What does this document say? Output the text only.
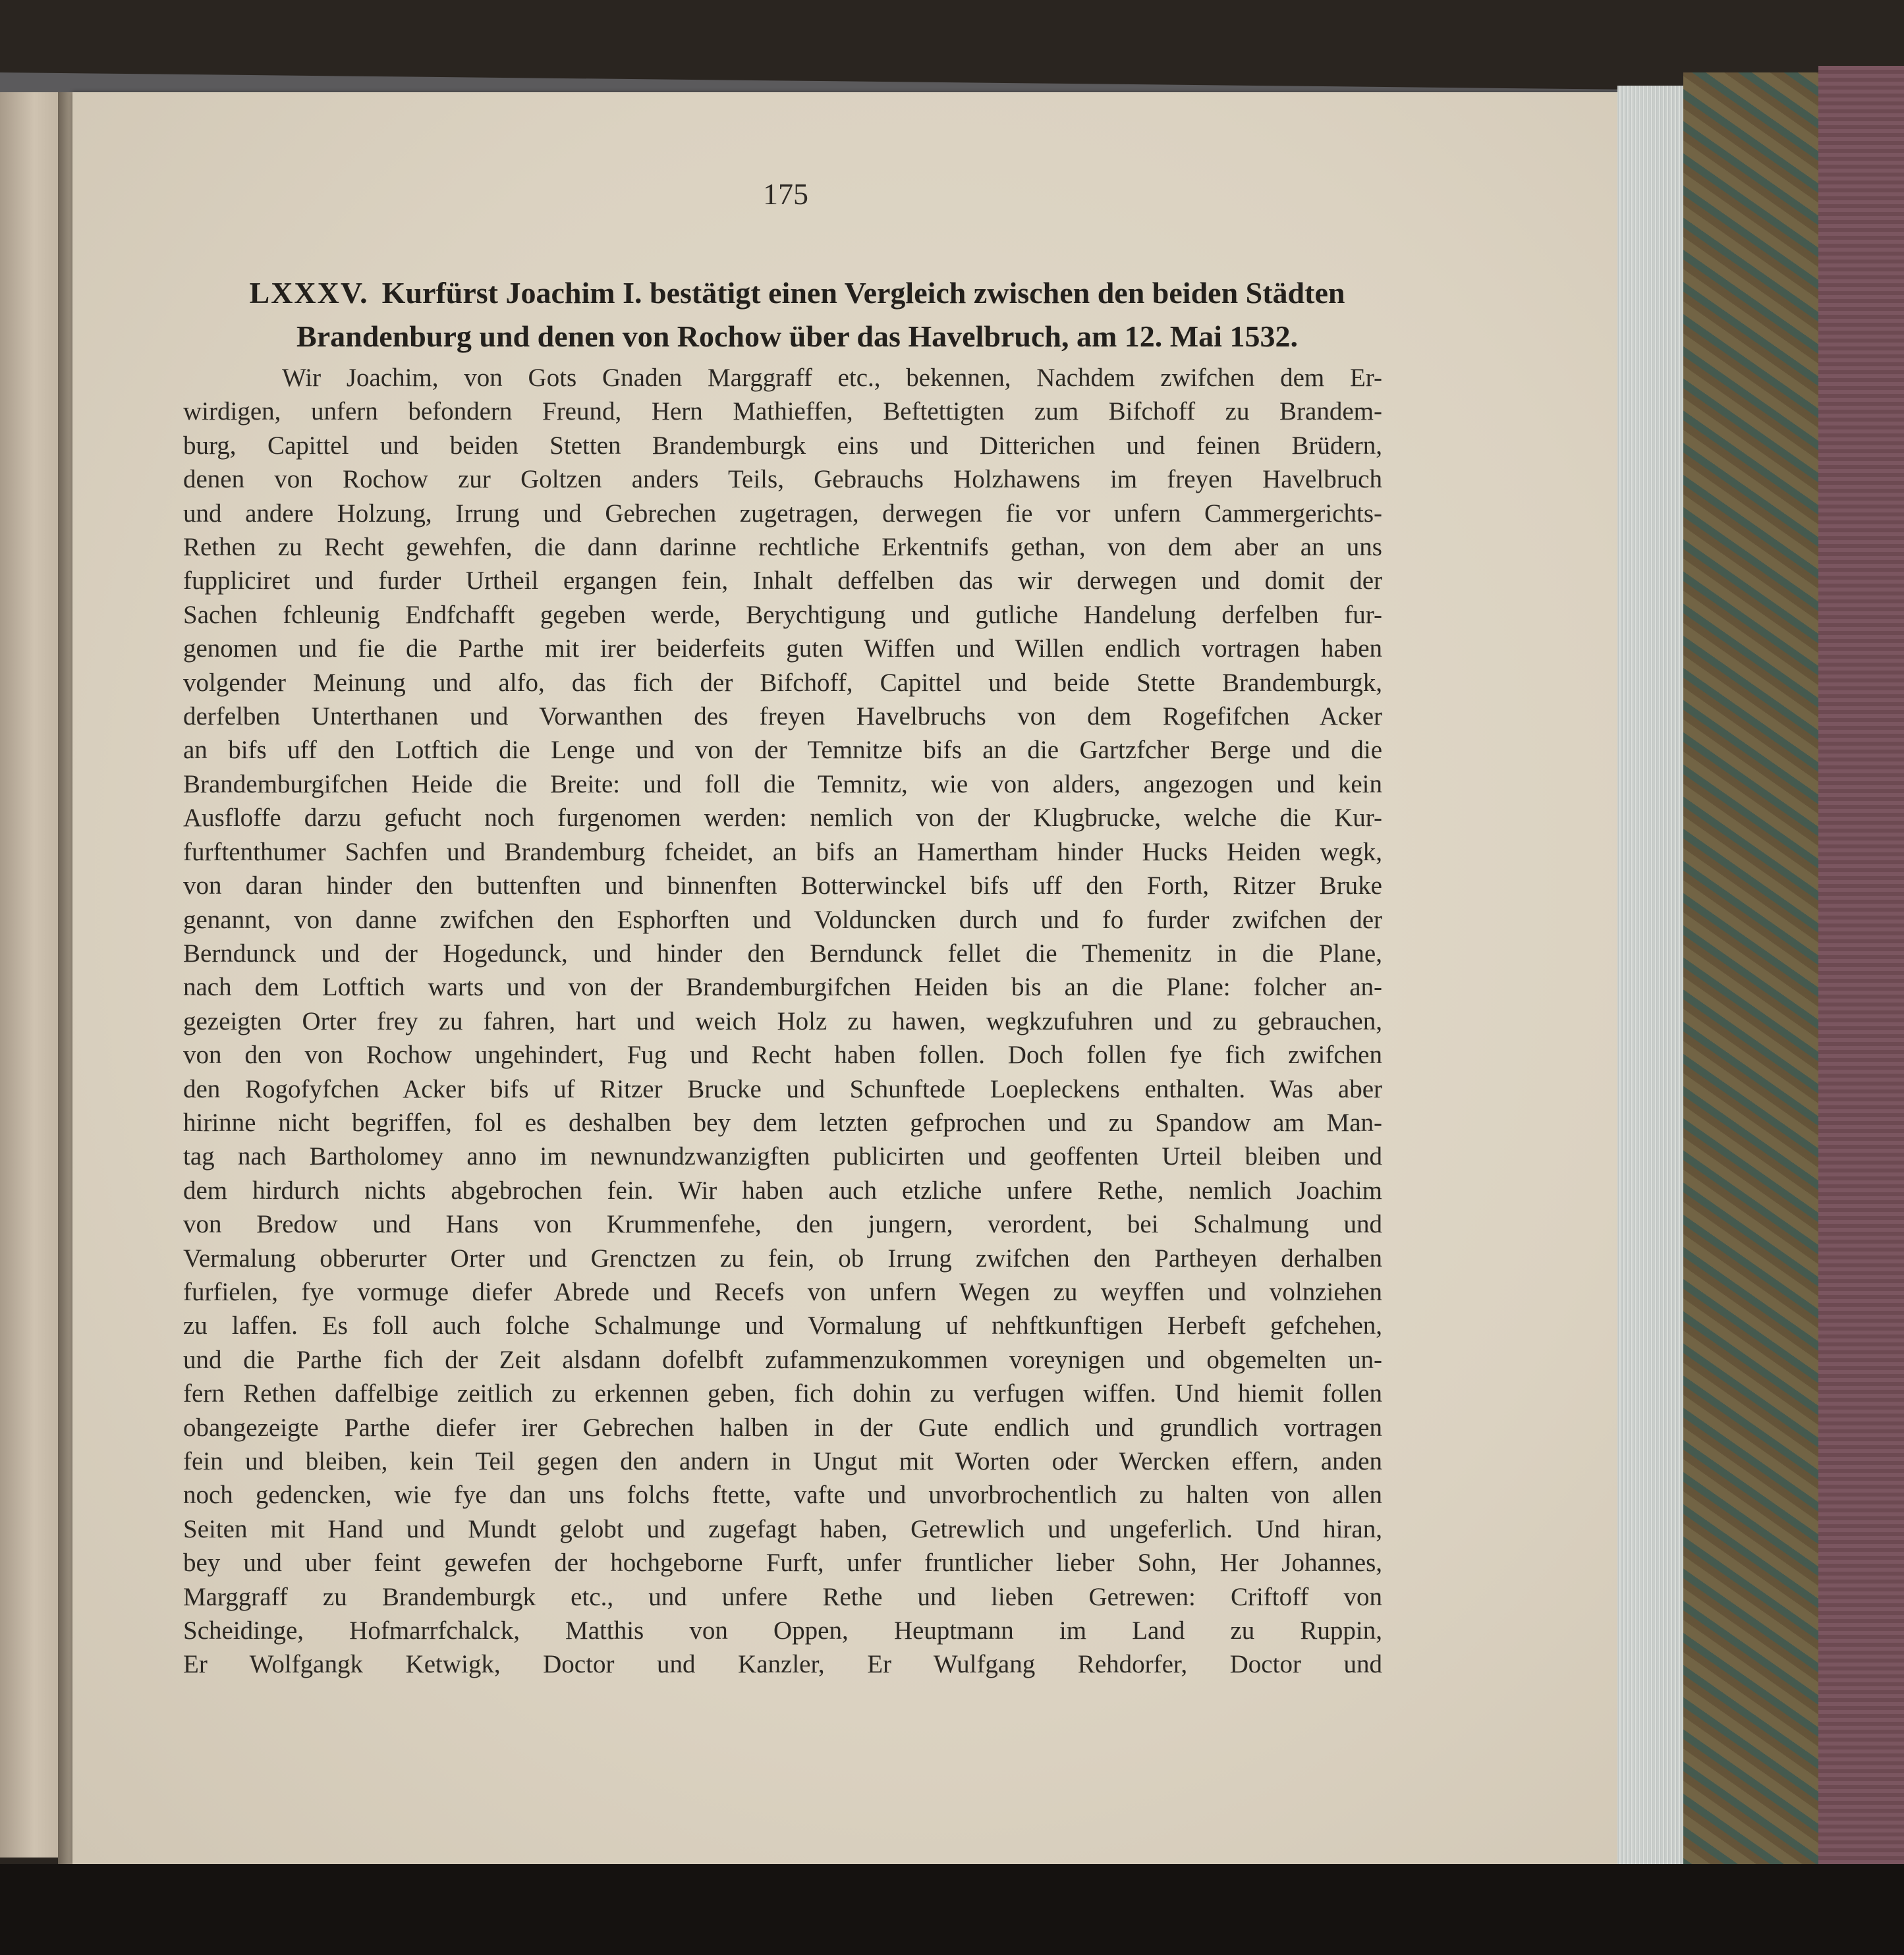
175
LXXXV. Kurfürst Joachim I. bestätigt einen Vergleich zwischen den beiden Städten
Brandenburg und denen von Rochow über das Havelbruch, am 12. Mai 1532.
Wir Joachim, von Gots Gnaden Marggraff etc., bekennen, Nachdem zwifchen dem Er-
wirdigen, unfern befondern Freund, Hern Mathieffen, Beftettigten zum Bifchoff zu Brandem-
burg, Capittel und beiden Stetten Brandemburgk eins und Ditterichen und feinen Brüdern,
denen von Rochow zur Goltzen anders Teils, Gebrauchs Holzhawens im freyen Havelbruch
und andere Holzung, Irrung und Gebrechen zugetragen, derwegen fie vor unfern Cammergerichts-
Rethen zu Recht gewehfen, die dann darinne rechtliche Erkentnifs gethan, von dem aber an uns
fuppliciret und furder Urtheil ergangen fein, Inhalt deffelben das wir derwegen und domit der
Sachen fchleunig Endfchafft gegeben werde, Berychtigung und gutliche Handelung derfelben fur-
genomen und fie die Parthe mit irer beiderfeits guten Wiffen und Willen endlich vortragen haben
volgender Meinung und alfo, das fich der Bifchoff, Capittel und beide Stette Brandemburgk,
derfelben Unterthanen und Vorwanthen des freyen Havelbruchs von dem Rogefifchen Acker
an bifs uff den Lotftich die Lenge und von der Temnitze bifs an die Gartzfcher Berge und die
Brandemburgifchen Heide die Breite: und foll die Temnitz, wie von alders, angezogen und kein
Ausfloffe darzu gefucht noch furgenomen werden: nemlich von der Klugbrucke, welche die Kur-
furftenthumer Sachfen und Brandemburg fcheidet, an bifs an Hamertham hinder Hucks Heiden wegk,
von daran hinder den buttenften und binnenften Botterwinckel bifs uff den Forth, Ritzer Bruke
genannt, von danne zwifchen den Esphorften und Volduncken durch und fo furder zwifchen der
Berndunck und der Hogedunck, und hinder den Berndunck fellet die Themenitz in die Plane,
nach dem Lotftich warts und von der Brandemburgifchen Heiden bis an die Plane: folcher an-
gezeigten Orter frey zu fahren, hart und weich Holz zu hawen, wegkzufuhren und zu gebrauchen,
von den von Rochow ungehindert, Fug und Recht haben follen. Doch follen fye fich zwifchen
den Rogofyfchen Acker bifs uf Ritzer Brucke und Schunftede Loepleckens enthalten. Was aber
hirinne nicht begriffen, fol es deshalben bey dem letzten gefprochen und zu Spandow am Man-
tag nach Bartholomey anno im newnundzwanzigften publicirten und geoffenten Urteil bleiben und
dem hirdurch nichts abgebrochen fein. Wir haben auch etzliche unfere Rethe, nemlich Joachim
von Bredow und Hans von Krummenfehe, den jungern, verordent, bei Schalmung und
Vermalung obberurter Orter und Grenctzen zu fein, ob Irrung zwifchen den Partheyen derhalben
furfielen, fye vormuge diefer Abrede und Recefs von unfern Wegen zu weyffen und volnziehen
zu laffen. Es foll auch folche Schalmunge und Vormalung uf nehftkunftigen Herbeft gefchehen,
und die Parthe fich der Zeit alsdann dofelbft zufammenzukommen voreynigen und obgemelten un-
fern Rethen daffelbige zeitlich zu erkennen geben, fich dohin zu verfugen wiffen. Und hiemit follen
obangezeigte Parthe diefer irer Gebrechen halben in der Gute endlich und grundlich vortragen
fein und bleiben, kein Teil gegen den andern in Ungut mit Worten oder Wercken effern, anden
noch gedencken, wie fye dan uns folchs ftette, vafte und unvorbrochentlich zu halten von allen
Seiten mit Hand und Mundt gelobt und zugefagt haben, Getrewlich und ungeferlich. Und hiran,
bey und uber feint gewefen der hochgeborne Furft, unfer fruntlicher lieber Sohn, Her Johannes,
Marggraff zu Brandemburgk etc., und unfere Rethe und lieben Getrewen: Criftoff von
Scheidinge, Hofmarrfchalck, Matthis von Oppen, Heuptmann im Land zu Ruppin,
Er Wolfgangk Ketwigk, Doctor und Kanzler, Er Wulfgang Rehdorfer, Doctor und
